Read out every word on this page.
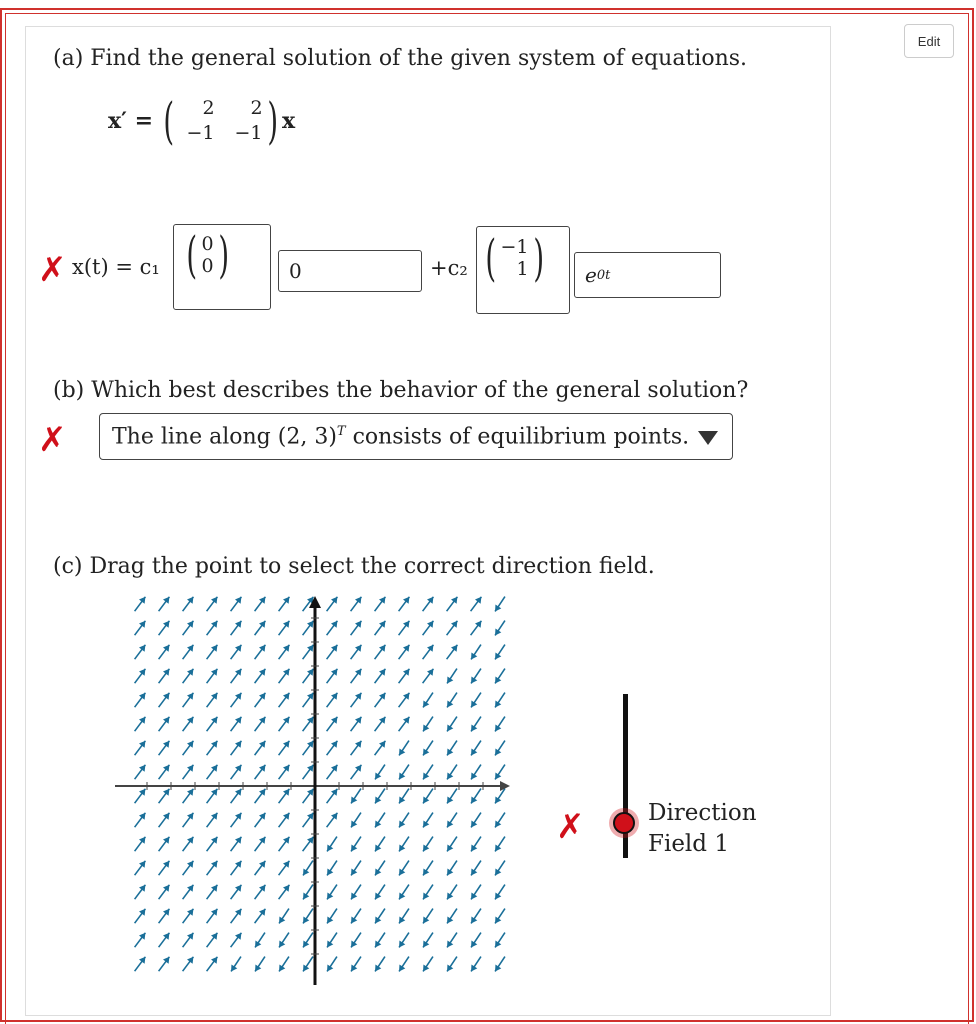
Edit
(a) Find the general solution of the given system of equations.
x′ = (	2	2
−1	−1 ) x
✗ x(t) = c₁ ( 0
0 )	0	+c₂ ( −1
1 ) e 0t
(b) Which best describes the behavior of the general solution?
✗ The line along (2, 3)$^T$ consists of equilibrium points.
(c) Drag the point to select the correct direction field.
✗	Direction
Field 1
